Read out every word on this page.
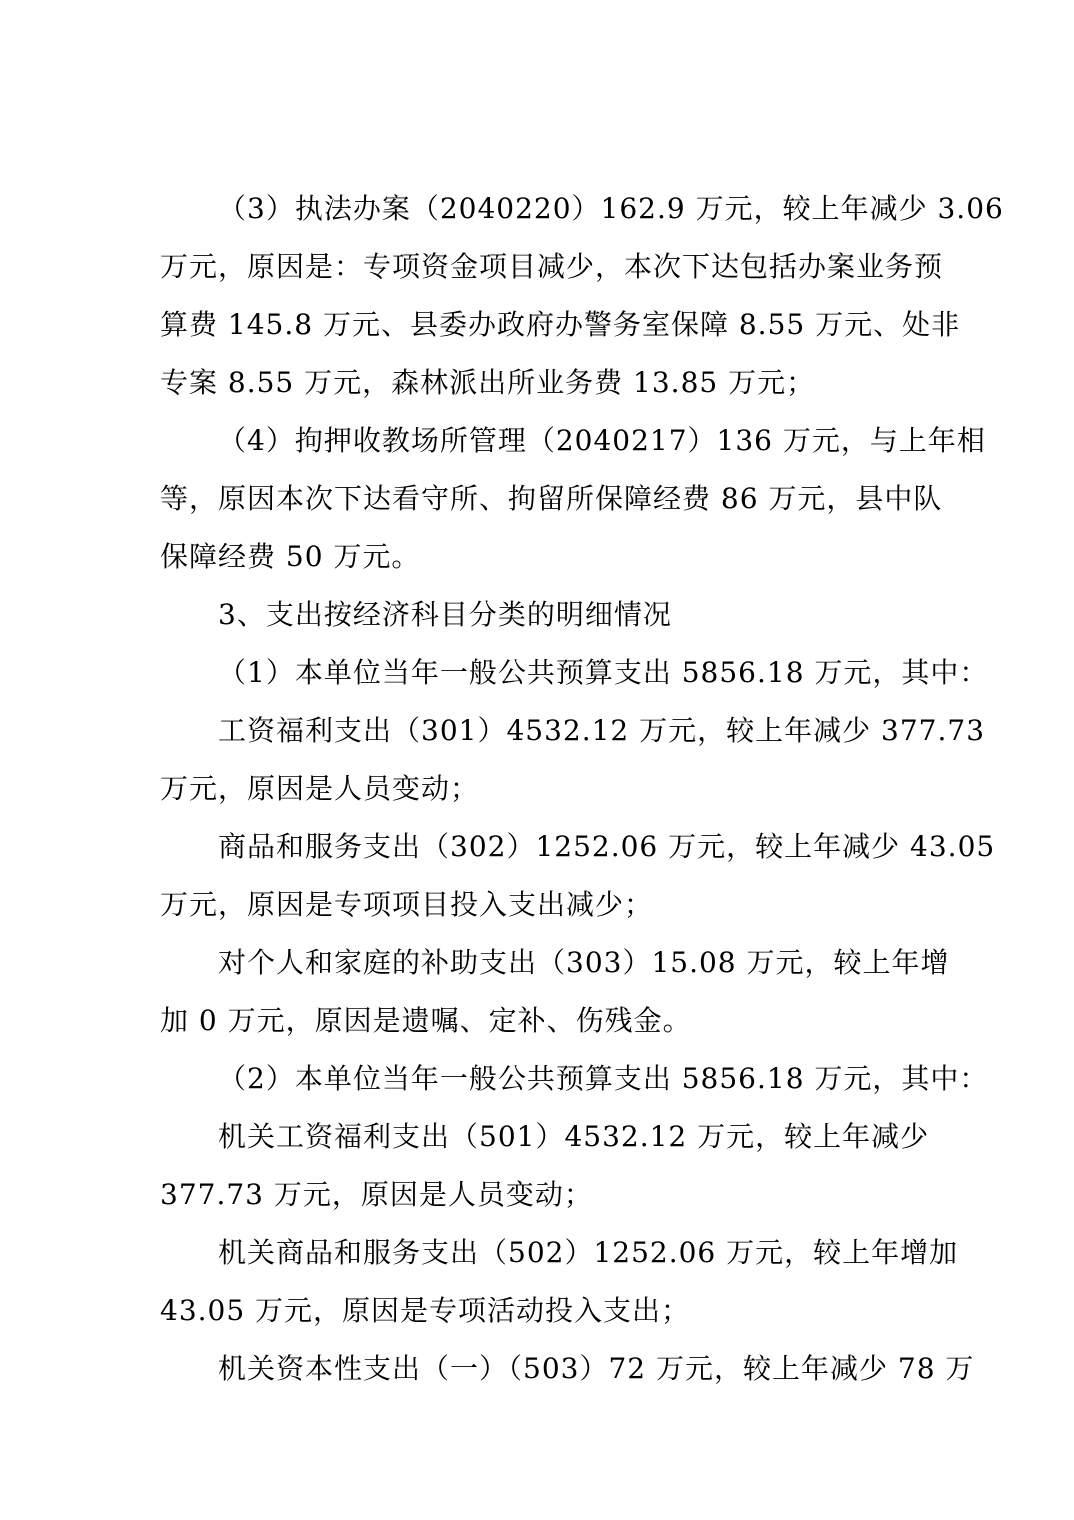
（3）执法办案（2040220）162.9 万元，较上年减少 3.06
万元，原因是：专项资金项目减少，本次下达包括办案业务预
算费 145.8 万元、县委办政府办警务室保障 8.55 万元、处非
专案 8.55 万元，森林派出所业务费 13.85 万元；
（4）拘押收教场所管理（2040217）136 万元，与上年相
等，原因本次下达看守所、拘留所保障经费 86 万元，县中队
保障经费 50 万元。
3、支出按经济科目分类的明细情况
（1）本单位当年一般公共预算支出 5856.18 万元，其中：
工资福利支出（301）4532.12 万元，较上年减少 377.73
万元，原因是人员变动；
商品和服务支出（302）1252.06 万元，较上年减少 43.05
万元，原因是专项项目投入支出减少；
对个人和家庭的补助支出（303）15.08 万元，较上年增
加 0 万元，原因是遗嘱、定补、伤残金。
（2）本单位当年一般公共预算支出 5856.18 万元，其中：
机关工资福利支出（501）4532.12 万元，较上年减少
377.73 万元，原因是人员变动；
机关商品和服务支出（502）1252.06 万元，较上年增加
43.05 万元，原因是专项活动投入支出；
机关资本性支出（一）（503）72 万元，较上年减少 78 万
